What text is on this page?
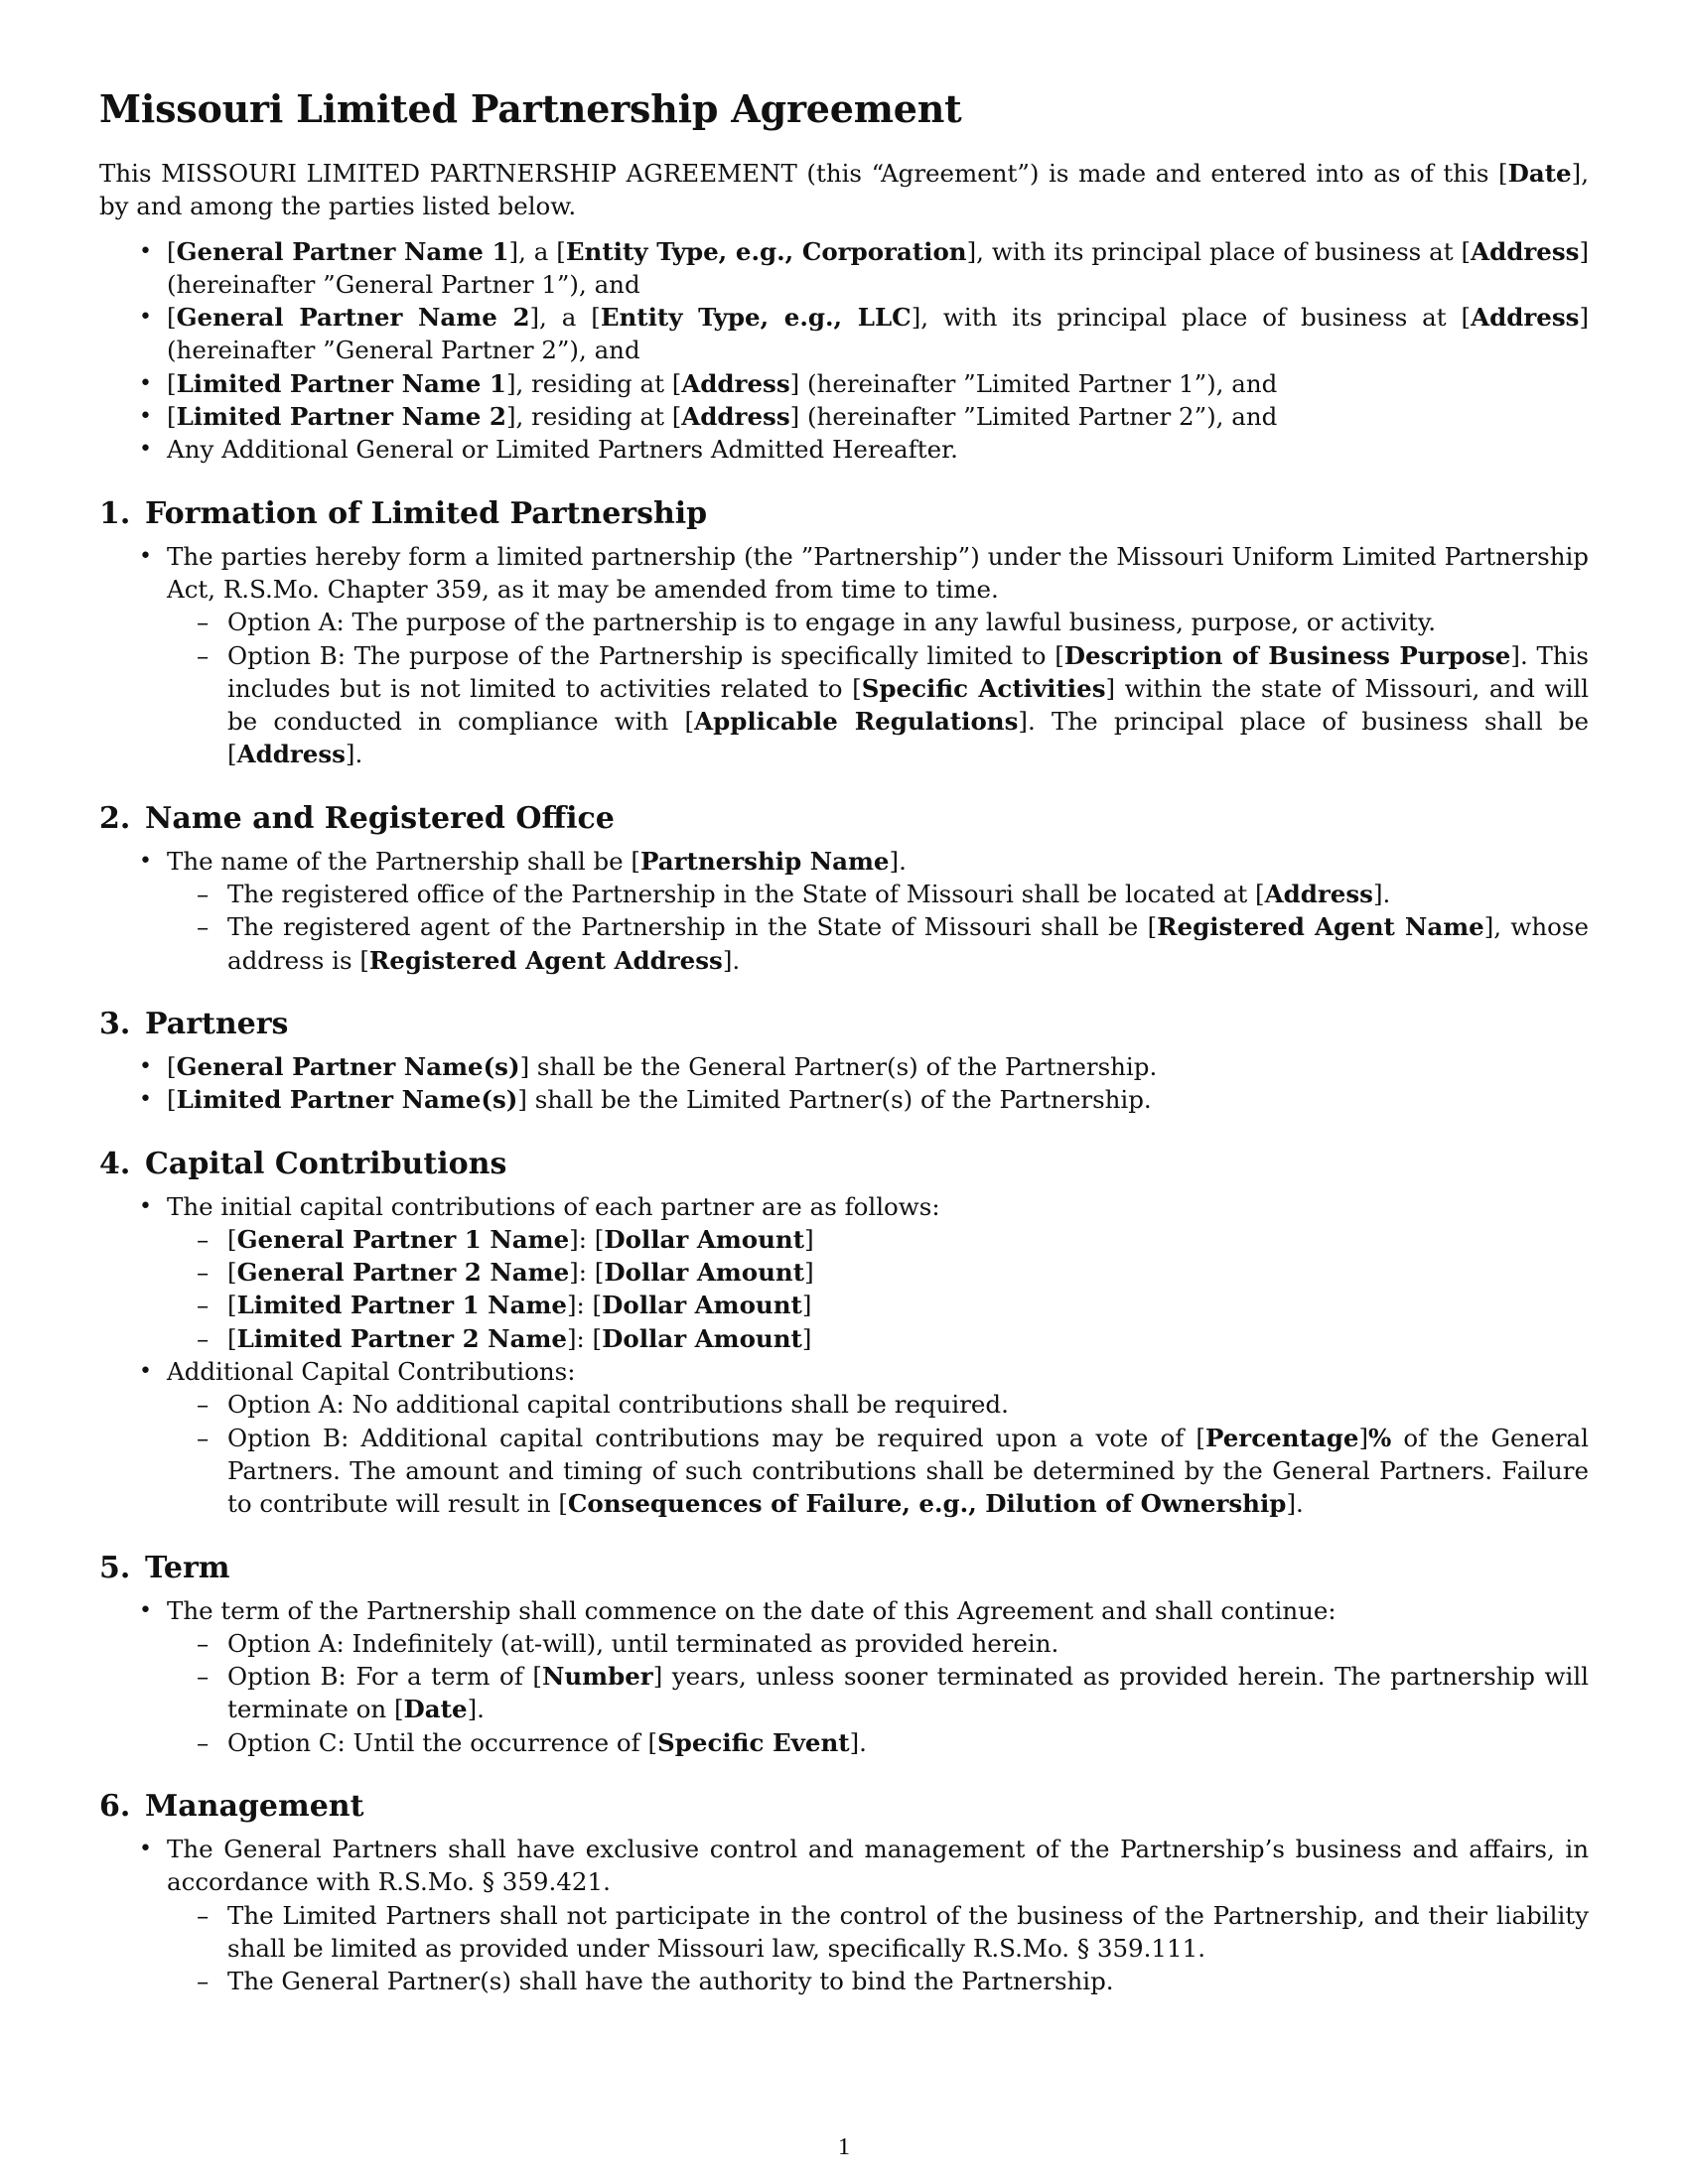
Missouri Limited Partnership Agreement

This MISSOURI LIMITED PARTNERSHIP AGREEMENT (this “Agreement”) is made and entered into as of this [Date], by and among the parties listed below.

• [General Partner Name 1], a [Entity Type, e.g., Corporation], with its principal place of business at [Address] (hereinafter ”General Partner 1”), and
• [General Partner Name 2], a [Entity Type, e.g., LLC], with its principal place of business at [Address] (hereinafter ”General Partner 2”), and
• [Limited Partner Name 1], residing at [Address] (hereinafter ”Limited Partner 1”), and
• [Limited Partner Name 2], residing at [Address] (hereinafter ”Limited Partner 2”), and
• Any Additional General or Limited Partners Admitted Hereafter.
1. Formation of Limited Partnership
• The parties hereby form a limited partnership (the ”Partnership”) under the Missouri Uniform Limited Partnership Act, R.S.Mo. Chapter 359, as it may be amended from time to time.
– Option A: The purpose of the partnership is to engage in any lawful business, purpose, or activity.
– Option B: The purpose of the Partnership is specifically limited to [Description of Business Purpose]. This includes but is not limited to activities related to [Specific Activities] within the state of Missouri, and will be conducted in compliance with [Applicable Regulations]. The principal place of business shall be [Address].
2. Name and Registered Office
• The name of the Partnership shall be [Partnership Name].
– The registered office of the Partnership in the State of Missouri shall be located at [Address].
– The registered agent of the Partnership in the State of Missouri shall be [Registered Agent Name], whose address is [Registered Agent Address].
3. Partners
• [General Partner Name(s)] shall be the General Partner(s) of the Partnership.
• [Limited Partner Name(s)] shall be the Limited Partner(s) of the Partnership.
4. Capital Contributions
• The initial capital contributions of each partner are as follows:
– [General Partner 1 Name]: [Dollar Amount]
– [General Partner 2 Name]: [Dollar Amount]
– [Limited Partner 1 Name]: [Dollar Amount]
– [Limited Partner 2 Name]: [Dollar Amount]
• Additional Capital Contributions:
– Option A: No additional capital contributions shall be required.
– Option B: Additional capital contributions may be required upon a vote of [Percentage]% of the General Partners. The amount and timing of such contributions shall be determined by the General Partners. Failure to contribute will result in [Consequences of Failure, e.g., Dilution of Ownership].
5. Term
• The term of the Partnership shall commence on the date of this Agreement and shall continue:
– Option A: Indefinitely (at-will), until terminated as provided herein.
– Option B: For a term of [Number] years, unless sooner terminated as provided herein. The partnership will terminate on [Date].
– Option C: Until the occurrence of [Specific Event].
6. Management
• The General Partners shall have exclusive control and management of the Partnership’s business and affairs, in accordance with R.S.Mo. § 359.421.
– The Limited Partners shall not participate in the control of the business of the Partnership, and their liability shall be limited as provided under Missouri law, specifically R.S.Mo. § 359.111.
– The General Partner(s) shall have the authority to bind the Partnership.
1
